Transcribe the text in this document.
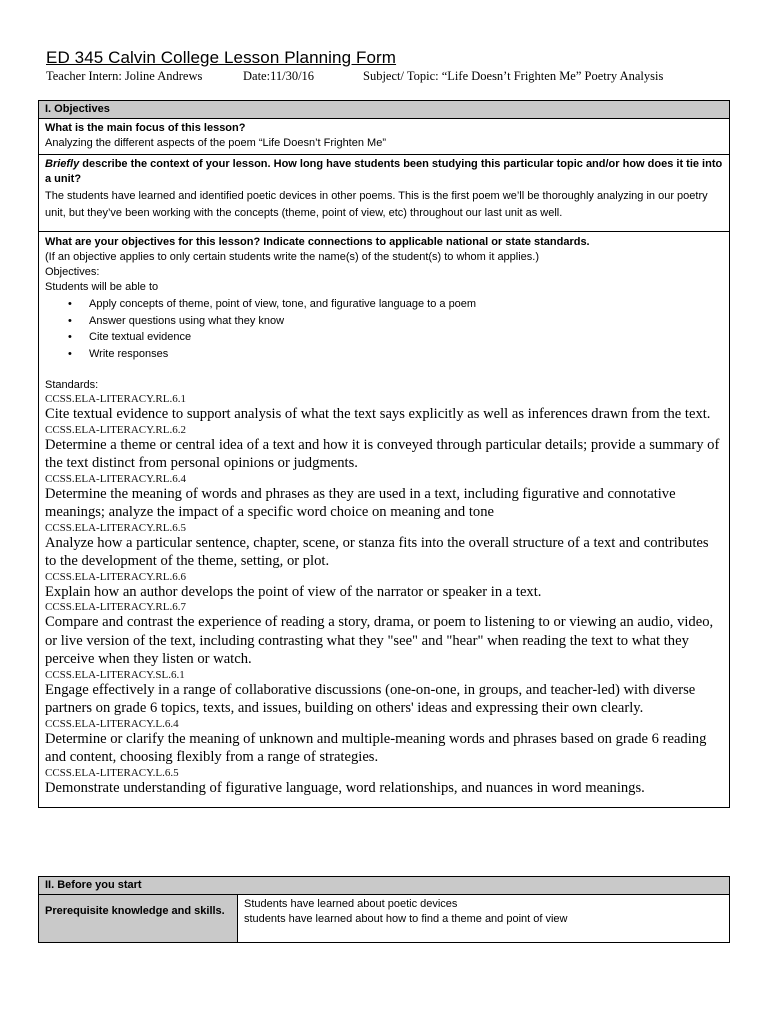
ED 345 Calvin College Lesson Planning Form
Teacher Intern: Joline Andrews	Date:11/30/16	Subject/ Topic: “Life Doesn’t Frighten Me” Poetry Analysis
I. Objectives
What is the main focus of this lesson?
Analyzing the different aspects of the poem “Life Doesn’t Frighten Me”
Briefly describe the context of your lesson. How long have students been studying this particular topic and/or how does it tie into a unit?
The students have learned and identified poetic devices in other poems. This is the first poem we’ll be thoroughly analyzing in our poetry unit, but they’ve been working with the concepts (theme, point of view, etc) throughout our last unit as well.
What are your objectives for this lesson? Indicate connections to applicable national or state standards.
(If an objective applies to only certain students write the name(s) of the student(s) to whom it applies.)
Objectives:
Students will be able to
• Apply concepts of theme, point of view, tone, and figurative language to a poem
• Answer questions using what they know
• Cite textual evidence
• Write responses
Standards:
CCSS.ELA-LITERACY.RL.6.1
Cite textual evidence to support analysis of what the text says explicitly as well as inferences drawn from the text.
CCSS.ELA-LITERACY.RL.6.2
Determine a theme or central idea of a text and how it is conveyed through particular details; provide a summary of the text distinct from personal opinions or judgments.
CCSS.ELA-LITERACY.RL.6.4
Determine the meaning of words and phrases as they are used in a text, including figurative and connotative meanings; analyze the impact of a specific word choice on meaning and tone
CCSS.ELA-LITERACY.RL.6.5
Analyze how a particular sentence, chapter, scene, or stanza fits into the overall structure of a text and contributes to the development of the theme, setting, or plot.
CCSS.ELA-LITERACY.RL.6.6
Explain how an author develops the point of view of the narrator or speaker in a text.
CCSS.ELA-LITERACY.RL.6.7
Compare and contrast the experience of reading a story, drama, or poem to listening to or viewing an audio, video, or live version of the text, including contrasting what they "see" and "hear" when reading the text to what they perceive when they listen or watch.
CCSS.ELA-LITERACY.SL.6.1
Engage effectively in a range of collaborative discussions (one-on-one, in groups, and teacher-led) with diverse partners on grade 6 topics, texts, and issues, building on others' ideas and expressing their own clearly.
CCSS.ELA-LITERACY.L.6.4
Determine or clarify the meaning of unknown and multiple-meaning words and phrases based on grade 6 reading and content, choosing flexibly from a range of strategies.
CCSS.ELA-LITERACY.L.6.5
Demonstrate understanding of figurative language, word relationships, and nuances in word meanings.
II. Before you start
Prerequisite knowledge and skills.
Students have learned about poetic devices
students have learned about how to find a theme and point of view
